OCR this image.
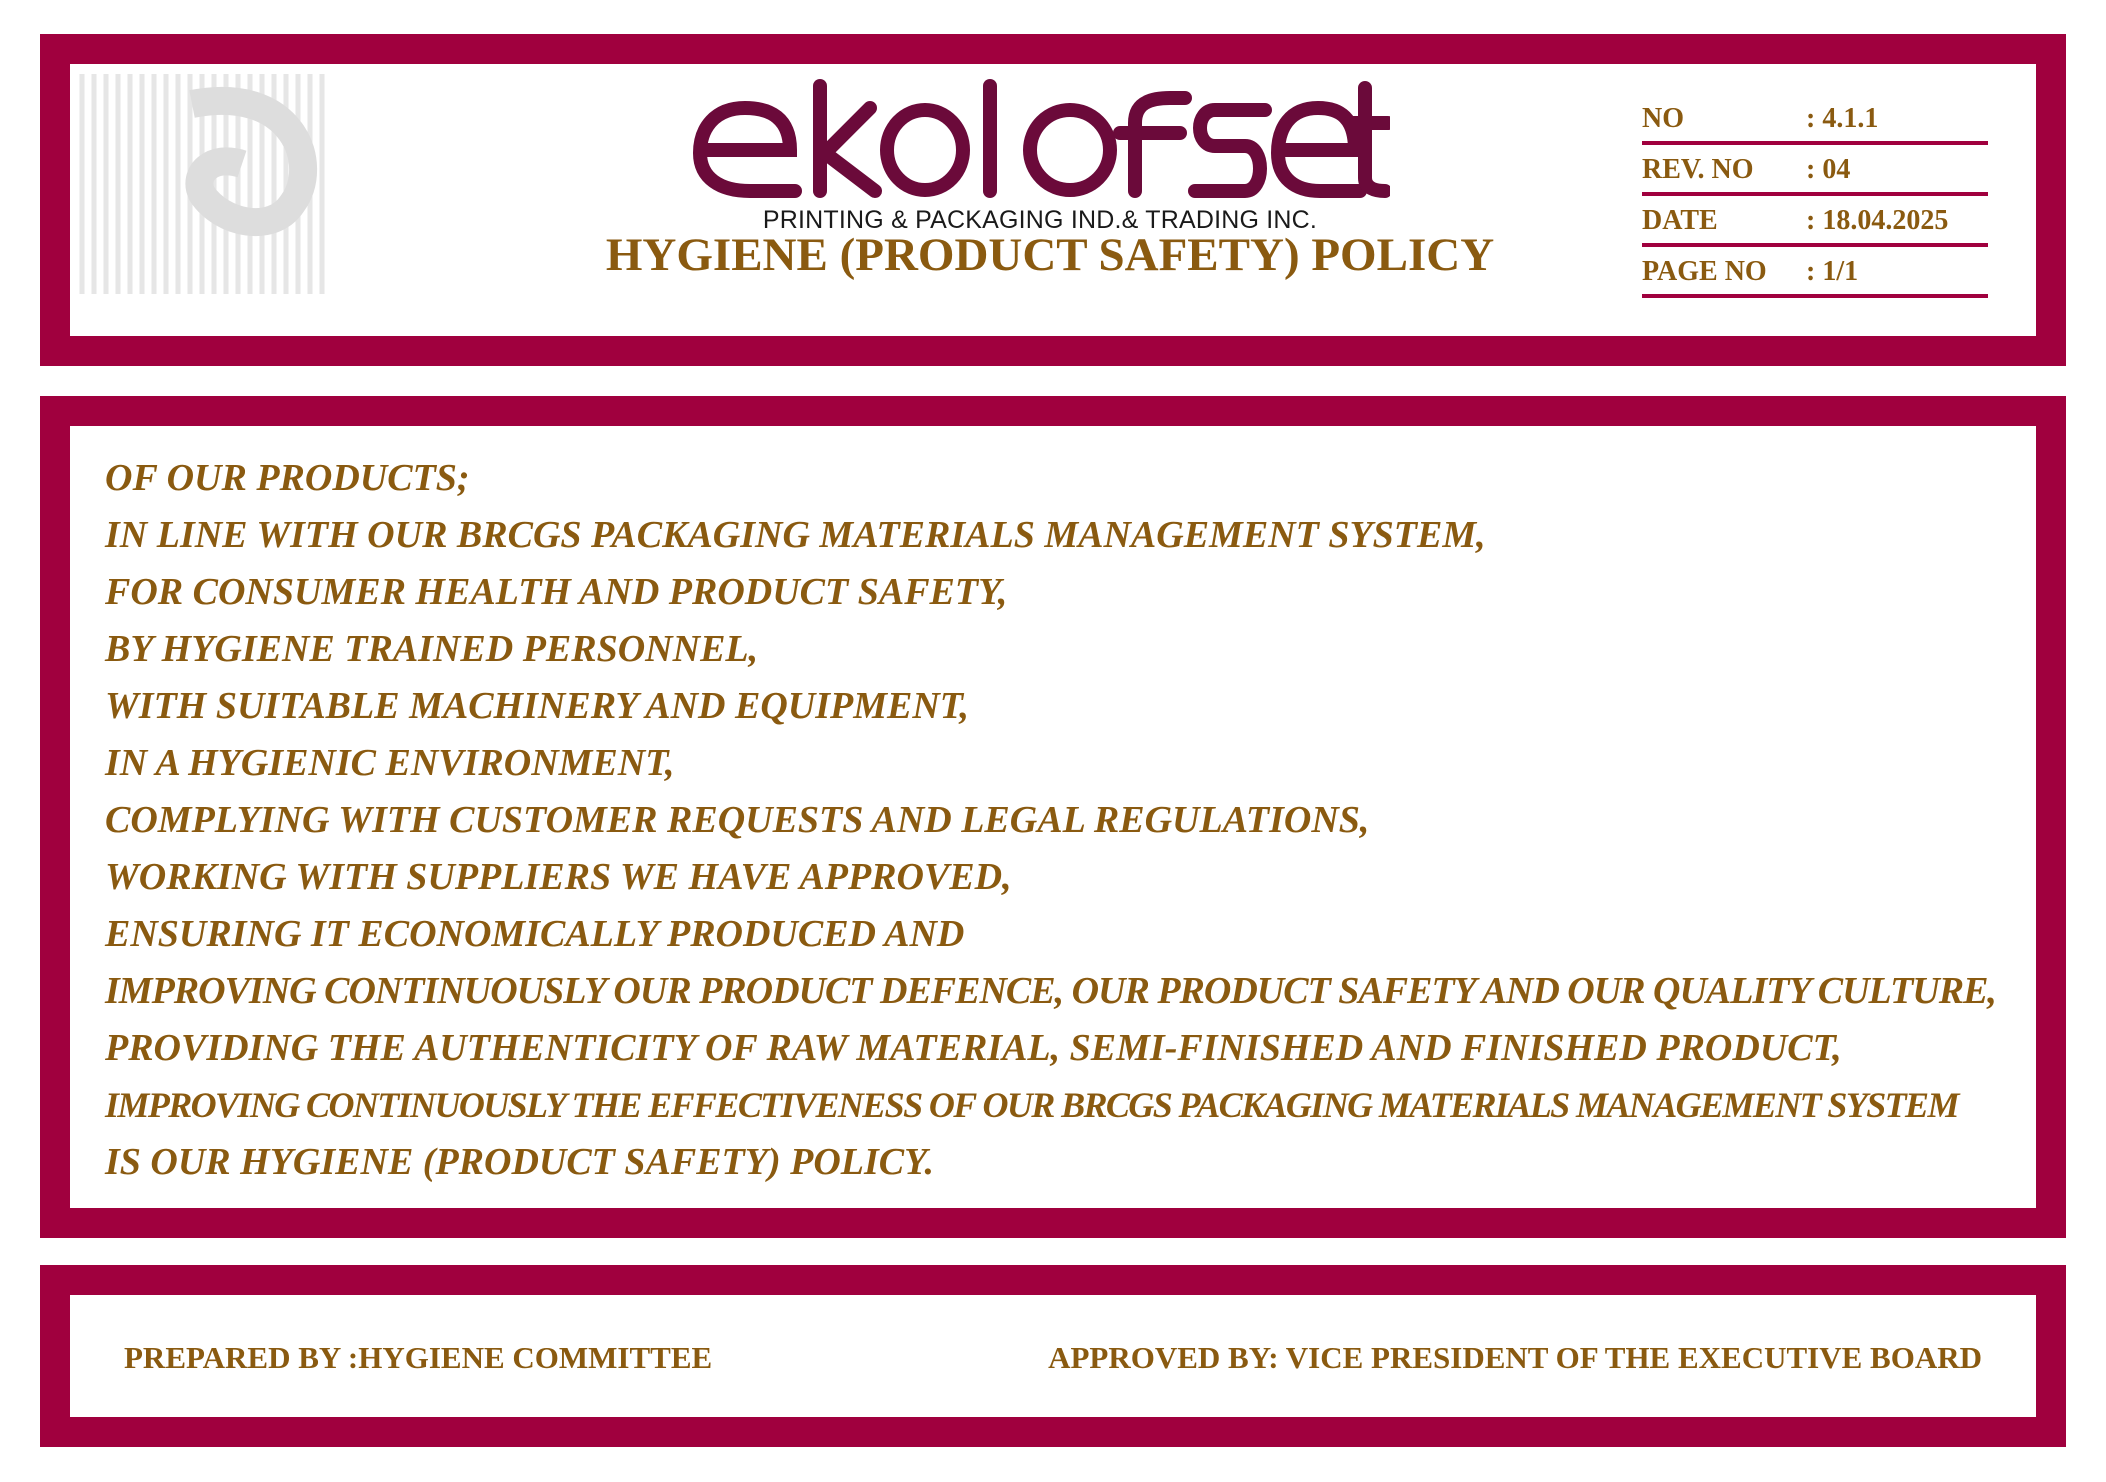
PRINTING & PACKAGING IND.& TRADING INC.
HYGIENE (PRODUCT SAFETY) POLICY
NO	: 4.1.1
REV. NO : 04
DATE	: 18.04.2025
PAGE NO : 1/1
OF OUR PRODUCTS;
IN LINE WITH OUR BRCGS PACKAGING MATERIALS MANAGEMENT SYSTEM,
FOR CONSUMER HEALTH AND PRODUCT SAFETY,
BY HYGIENE TRAINED PERSONNEL,
WITH SUITABLE MACHINERY AND EQUIPMENT,
IN A HYGIENIC ENVIRONMENT,
COMPLYING WITH CUSTOMER REQUESTS AND LEGAL REGULATIONS,
WORKING WITH SUPPLIERS WE HAVE APPROVED,
ENSURING IT ECONOMICALLY PRODUCED AND
IMPROVING CONTINUOUSLY OUR PRODUCT DEFENCE, OUR PRODUCT SAFETY AND OUR QUALITY CULTURE,
PROVIDING THE AUTHENTICITY OF RAW MATERIAL, SEMI-FINISHED AND FINISHED PRODUCT,
IMPROVING CONTINUOUSLY THE EFFECTIVENESS OF OUR BRCGS PACKAGING MATERIALS MANAGEMENT SYSTEM
IS OUR HYGIENE (PRODUCT SAFETY) POLICY.
PREPARED BY :HYGIENE COMMITTEE	APPROVED BY: VICE PRESIDENT OF THE EXECUTIVE BOARD
